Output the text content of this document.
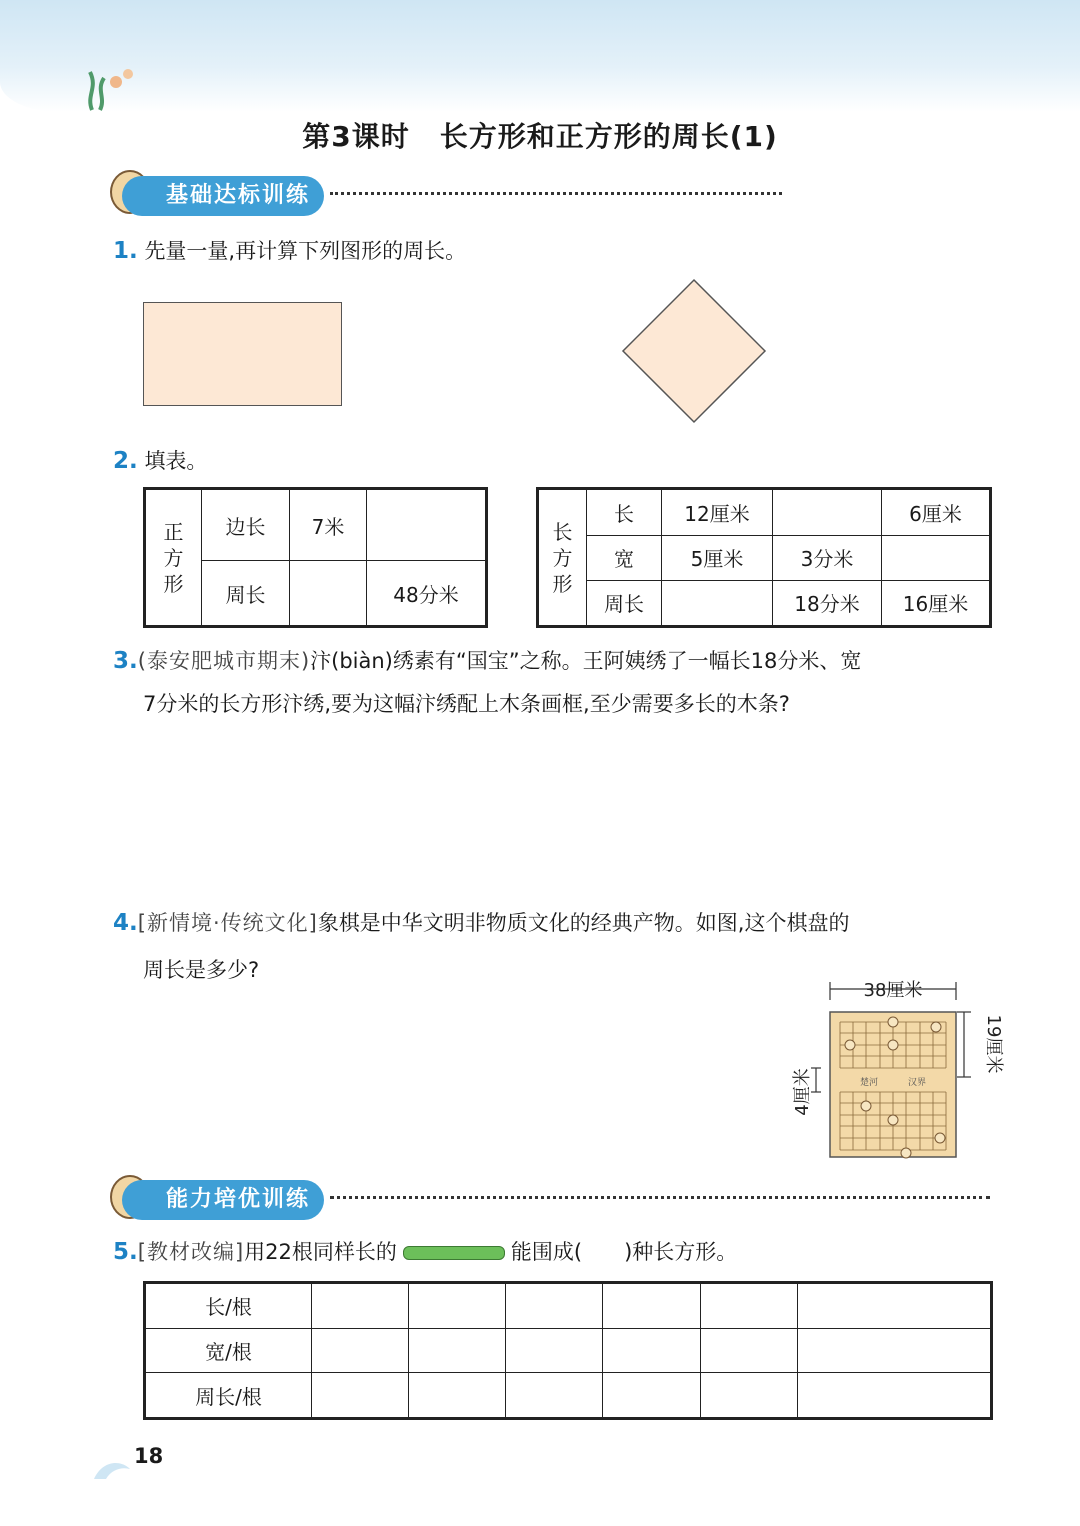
第3课时 长方形和正方形的周长(1)
基础达标训练
1. 先量一量,再计算下列图形的周长。
2. 填表。
正
方
形	边长	7米	
	周长		48分米
长
方
形	长	12厘米		6厘米
	宽	5厘米	3分米	
	周长		18分米	16厘米
3.(泰安肥城市期末)汴(biàn)绣素有“国宝”之称。王阿姨绣了一幅长18分米、宽
7分米的长方形汴绣,要为这幅汴绣配上木条画框,至少需要多长的木条?
4.[新情境·传统文化]象棋是中华文明非物质文化的经典产物。如图,这个棋盘的
周长是多少?
38厘米
19厘米
楚河	汉界
4厘米
能力培优训练
5.[教材改编]用22根同样长的	能围成(　　)种长方形。
长/根						
宽/根						
周长/根						
18
